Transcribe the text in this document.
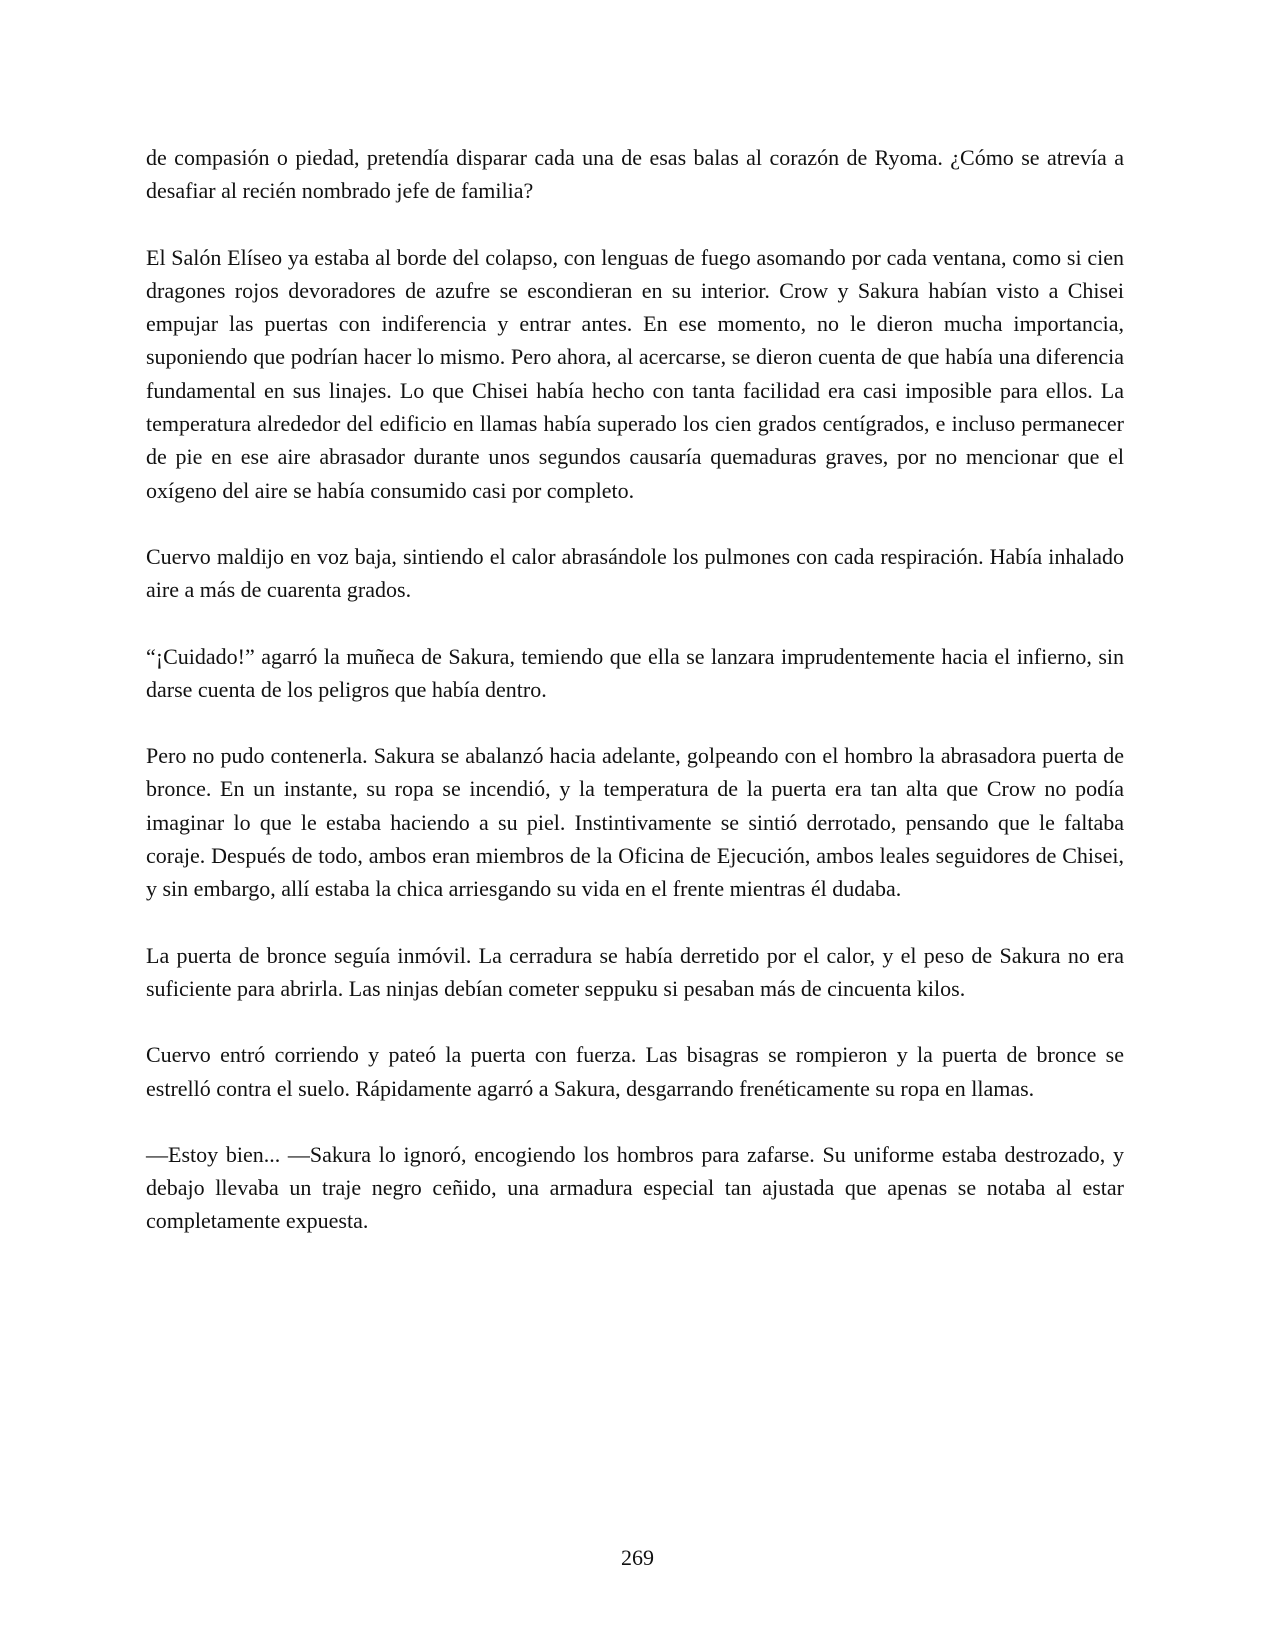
de compasión o piedad, pretendía disparar cada una de esas balas al corazón de Ryoma. ¿Cómo se atrevía a desafiar al recién nombrado jefe de familia?

El Salón Elíseo ya estaba al borde del colapso, con lenguas de fuego asomando por cada ventana, como si cien dragones rojos devoradores de azufre se escondieran en su interior. Crow y Sakura habían visto a Chisei empujar las puertas con indiferencia y entrar antes. En ese momento, no le dieron mucha importancia, suponiendo que podrían hacer lo mismo. Pero ahora, al acercarse, se dieron cuenta de que había una diferencia fundamental en sus linajes. Lo que Chisei había hecho con tanta facilidad era casi imposible para ellos. La temperatura alrededor del edificio en llamas había superado los cien grados centígrados, e incluso permanecer de pie en ese aire abrasador durante unos segundos causaría quemaduras graves, por no mencionar que el oxígeno del aire se había consumido casi por completo.

Cuervo maldijo en voz baja, sintiendo el calor abrasándole los pulmones con cada respiración. Había inhalado aire a más de cuarenta grados.

“¡Cuidado!” agarró la muñeca de Sakura, temiendo que ella se lanzara imprudentemente hacia el infierno, sin darse cuenta de los peligros que había dentro.

Pero no pudo contenerla. Sakura se abalanzó hacia adelante, golpeando con el hombro la abrasadora puerta de bronce. En un instante, su ropa se incendió, y la temperatura de la puerta era tan alta que Crow no podía imaginar lo que le estaba haciendo a su piel. Instintivamente se sintió derrotado, pensando que le faltaba coraje. Después de todo, ambos eran miembros de la Oficina de Ejecución, ambos leales seguidores de Chisei, y sin embargo, allí estaba la chica arriesgando su vida en el frente mientras él dudaba.

La puerta de bronce seguía inmóvil. La cerradura se había derretido por el calor, y el peso de Sakura no era suficiente para abrirla. Las ninjas debían cometer seppuku si pesaban más de cincuenta kilos.

Cuervo entró corriendo y pateó la puerta con fuerza. Las bisagras se rompieron y la puerta de bronce se estrelló contra el suelo. Rápidamente agarró a Sakura, desgarrando frenéticamente su ropa en llamas.

—Estoy bien... —Sakura lo ignoró, encogiendo los hombros para zafarse. Su uniforme estaba destrozado, y debajo llevaba un traje negro ceñido, una armadura especial tan ajustada que apenas se notaba al estar completamente expuesta.

269
